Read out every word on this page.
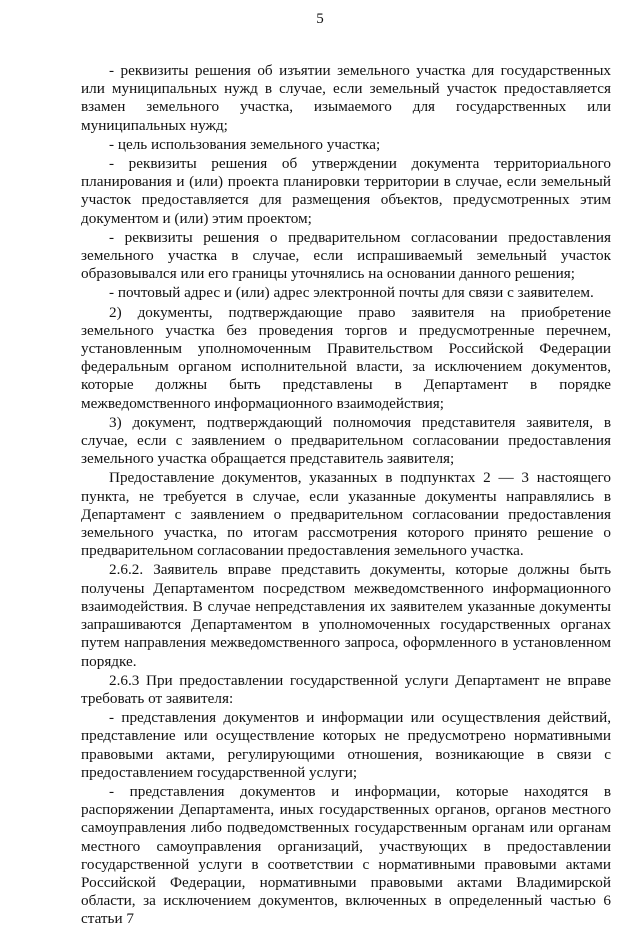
5

- реквизиты решения об изъятии земельного участка для государственных или муниципальных нужд в случае, если земельный участок предоставляется взамен земельного участка, изымаемого для государственных или муниципальных нужд;

- цель использования земельного участка;

- реквизиты решения об утверждении документа территориального планирования и (или) проекта планировки территории в случае, если земельный участок предоставляется для размещения объектов, предусмотренных этим документом и (или) этим проектом;

- реквизиты решения о предварительном согласовании предоставления земельного участка в случае, если испрашиваемый земельный участок образовывался или его границы уточнялись на основании данного решения;

- почтовый адрес и (или) адрес электронной почты для связи с заявителем.

2) документы, подтверждающие право заявителя на приобретение земельного участка без проведения торгов и предусмотренные перечнем, установленным уполномоченным Правительством Российской Федерации федеральным органом исполнительной власти, за исключением документов, которые должны быть представлены в Департамент в порядке межведомственного информационного взаимодействия;

3) документ, подтверждающий полномочия представителя заявителя, в случае, если с заявлением о предварительном согласовании предоставления земельного участка обращается представитель заявителя;

Предоставление документов, указанных в подпунктах 2 — 3 настоящего пункта, не требуется в случае, если указанные документы направлялись в Департамент с заявлением о предварительном согласовании предоставления земельного участка, по итогам рассмотрения которого принято решение о предварительном согласовании предоставления земельного участка.

2.6.2. Заявитель вправе представить документы, которые должны быть получены Департаментом посредством межведомственного информационного взаимодействия. В случае непредставления их заявителем указанные документы запрашиваются Департаментом в уполномоченных государственных органах путем направления межведомственного запроса, оформленного в установленном порядке.

2.6.3 При предоставлении государственной услуги Департамент не вправе требовать от заявителя:

- представления документов и информации или осуществления действий, представление или осуществление которых не предусмотрено нормативными правовыми актами, регулирующими отношения, возникающие в связи с предоставлением государственной услуги;

- представления документов и информации, которые находятся в распоряжении Департамента, иных государственных органов, органов местного самоуправления либо подведомственных государственным органам или органам местного самоуправления организаций, участвующих в предоставлении государственной услуги в соответствии с нормативными правовыми актами Российской Федерации, нормативными правовыми актами Владимирской области, за исключением документов, включенных в определенный частью 6 статьи 7
